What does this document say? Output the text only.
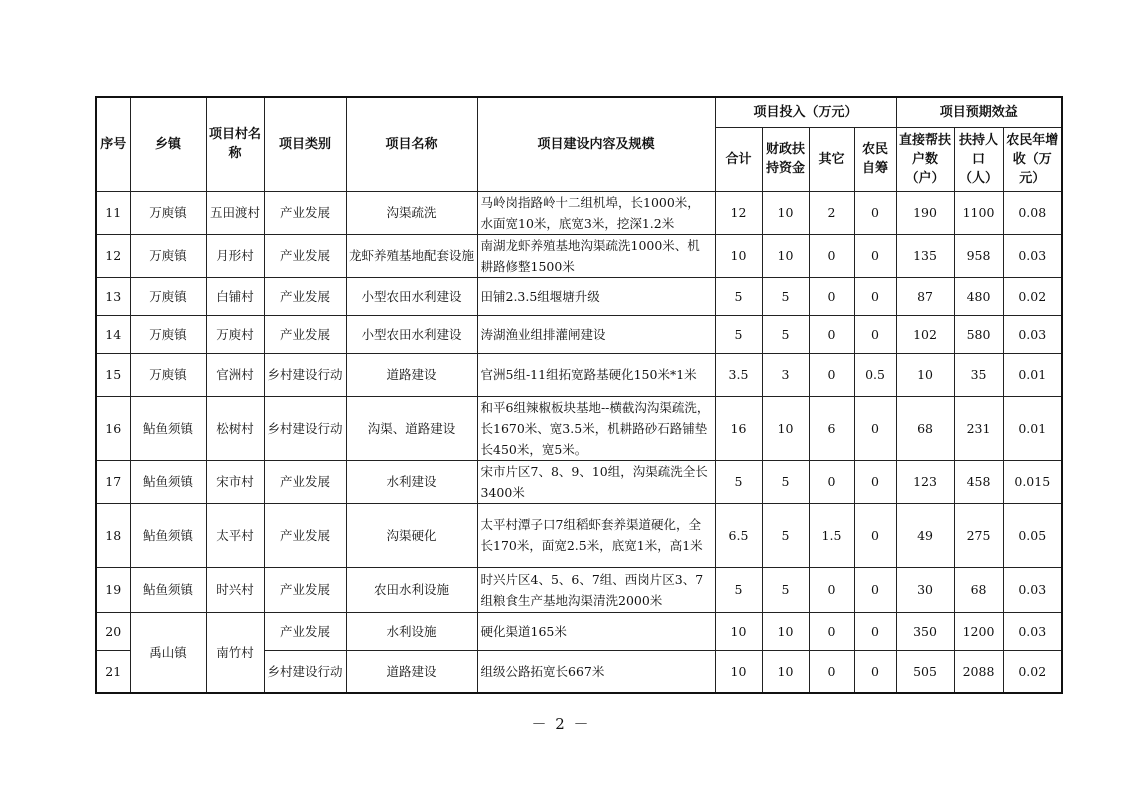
序号	乡镇	项目村名称	项目类别	项目名称	项目建设内容及规模	项目投入（万元）				项目预期效益		
						合计	财政扶持资金	其它	农民自筹	直接帮扶户数（户）	扶持人口（人）	农民年增收（万元）
11	万庾镇	五田渡村	产业发展	沟渠疏洗	马岭岗指路岭十二组机埠，长1000米，水面宽10米，底宽3米，挖深1.2米	12	10	2	0	190	1100	0.08
12	万庾镇	月形村	产业发展	龙虾养殖基地配套设施	南湖龙虾养殖基地沟渠疏洗1000米、机耕路修整1500米	10	10	0	0	135	958	0.03
13	万庾镇	白铺村	产业发展	小型农田水利建设	田铺2.3.5组堰塘升级	5	5	0	0	87	480	0.02
14	万庾镇	万庾村	产业发展	小型农田水利建设	涛湖渔业组排灌闸建设	5	5	0	0	102	580	0.03
15	万庾镇	官洲村	乡村建设行动	道路建设	官洲5组-11组拓宽路基硬化150米*1米	3.5	3	0	0.5	10	35	0.01
16	鲇鱼须镇	松树村	乡村建设行动	沟渠、道路建设	和平6组辣椒板块基地--横截沟沟渠疏洗，长1670米、宽3.5米，机耕路砂石路铺垫长450米，宽5米。	16	10	6	0	68	231	0.01
17	鲇鱼须镇	宋市村	产业发展	水利建设	宋市片区7、8、9、10组，沟渠疏洗全长3400米	5	5	0	0	123	458	0.015
18	鲇鱼须镇	太平村	产业发展	沟渠硬化	太平村潭子口7组稻虾套养渠道硬化，全长170米，面宽2.5米，底宽1米，高1米	6.5	5	1.5	0	49	275	0.05
19	鲇鱼须镇	时兴村	产业发展	农田水利设施	时兴片区4、5、6、7组、西岗片区3、7组粮食生产基地沟渠清洗2000米	5	5	0	0	30	68	0.03
20	禹山镇	南竹村	产业发展	水利设施	硬化渠道165米	10	10	0	0	350	1200	0.03
21			乡村建设行动	道路建设	组级公路拓宽长667米	10	10	0	0	505	2088	0.02
－ 2 －
